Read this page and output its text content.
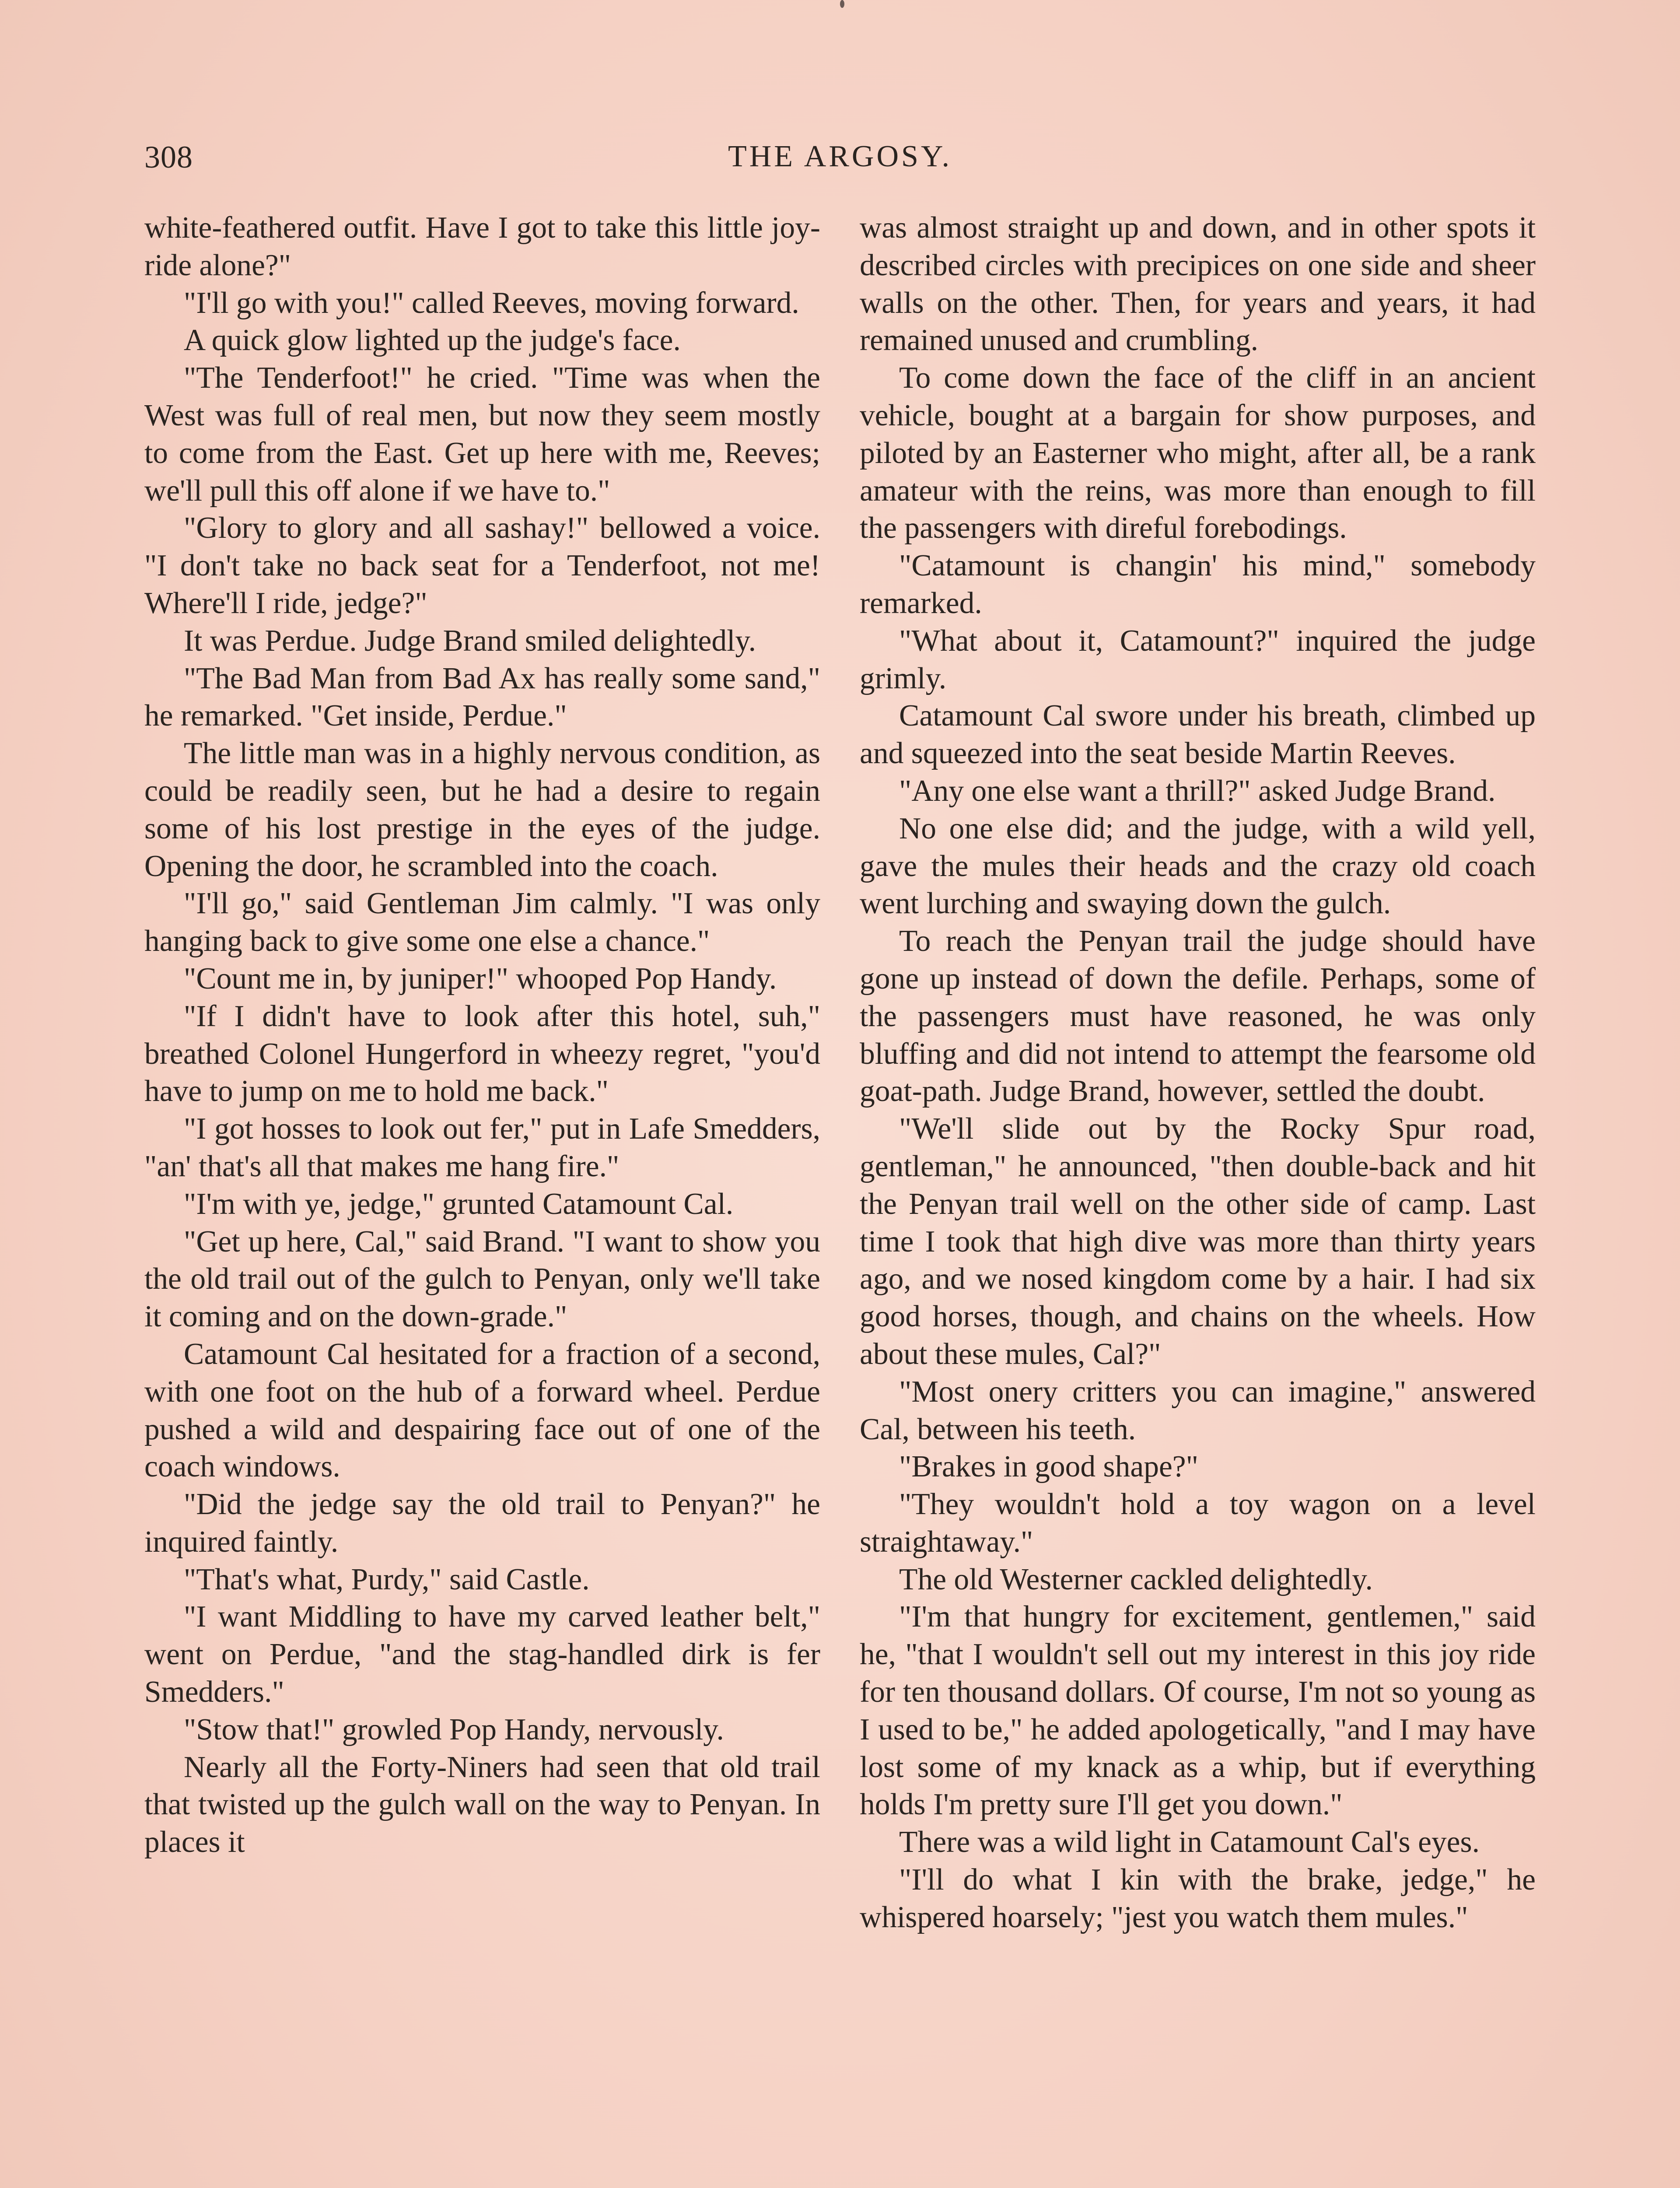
THE ARGOSY.
308

white-feathered outfit. Have I got to take this little joy-ride alone?"

"I'll go with you!" called Reeves, moving forward.

A quick glow lighted up the judge's face.

"The Tenderfoot!" he cried. "Time was when the West was full of real men, but now they seem mostly to come from the East. Get up here with me, Reeves; we'll pull this off alone if we have to."

"Glory to glory and all sashay!" bellowed a voice. "I don't take no back seat for a Tenderfoot, not me! Where'll I ride, jedge?"

It was Perdue. Judge Brand smiled delightedly.

"The Bad Man from Bad Ax has really some sand," he remarked. "Get inside, Perdue."

The little man was in a highly nervous condition, as could be readily seen, but he had a desire to regain some of his lost prestige in the eyes of the judge. Opening the door, he scrambled into the coach.

"I'll go," said Gentleman Jim calmly. "I was only hanging back to give some one else a chance."

"Count me in, by juniper!" whooped Pop Handy.

"If I didn't have to look after this hotel, suh," breathed Colonel Hungerford in wheezy regret, "you'd have to jump on me to hold me back."

"I got hosses to look out fer," put in Lafe Smedders, "an' that's all that makes me hang fire."

"I'm with ye, jedge," grunted Catamount Cal.

"Get up here, Cal," said Brand. "I want to show you the old trail out of the gulch to Penyan, only we'll take it coming and on the down-grade."

Catamount Cal hesitated for a fraction of a second, with one foot on the hub of a forward wheel. Perdue pushed a wild and despairing face out of one of the coach windows.

"Did the jedge say the old trail to Penyan?" he inquired faintly.

"That's what, Purdy," said Castle.

"I want Middling to have my carved leather belt," went on Perdue, "and the stag-handled dirk is fer Smedders."

"Stow that!" growled Pop Handy, nervously.

Nearly all the Forty-Niners had seen that old trail that twisted up the gulch wall on the way to Penyan. In places it

was almost straight up and down, and in other spots it described circles with precipices on one side and sheer walls on the other. Then, for years and years, it had remained unused and crumbling.

To come down the face of the cliff in an ancient vehicle, bought at a bargain for show purposes, and piloted by an Easterner who might, after all, be a rank amateur with the reins, was more than enough to fill the passengers with direful forebodings.

"Catamount is changin' his mind," somebody remarked.

"What about it, Catamount?" inquired the judge grimly.

Catamount Cal swore under his breath, climbed up and squeezed into the seat beside Martin Reeves.

"Any one else want a thrill?" asked Judge Brand.

No one else did; and the judge, with a wild yell, gave the mules their heads and the crazy old coach went lurching and swaying down the gulch.

To reach the Penyan trail the judge should have gone up instead of down the defile. Perhaps, some of the passengers must have reasoned, he was only bluffing and did not intend to attempt the fearsome old goat-path. Judge Brand, however, settled the doubt.

"We'll slide out by the Rocky Spur road, gentleman," he announced, "then double-back and hit the Penyan trail well on the other side of camp. Last time I took that high dive was more than thirty years ago, and we nosed kingdom come by a hair. I had six good horses, though, and chains on the wheels. How about these mules, Cal?"

"Most onery critters you can imagine," answered Cal, between his teeth.

"Brakes in good shape?"

"They wouldn't hold a toy wagon on a level straightaway."

The old Westerner cackled delightedly.

"I'm that hungry for excitement, gentlemen," said he, "that I wouldn't sell out my interest in this joy ride for ten thousand dollars. Of course, I'm not so young as I used to be," he added apologetically, "and I may have lost some of my knack as a whip, but if everything holds I'm pretty sure I'll get you down."

There was a wild light in Catamount Cal's eyes.

"I'll do what I kin with the brake, jedge," he whispered hoarsely; "jest you watch them mules."
